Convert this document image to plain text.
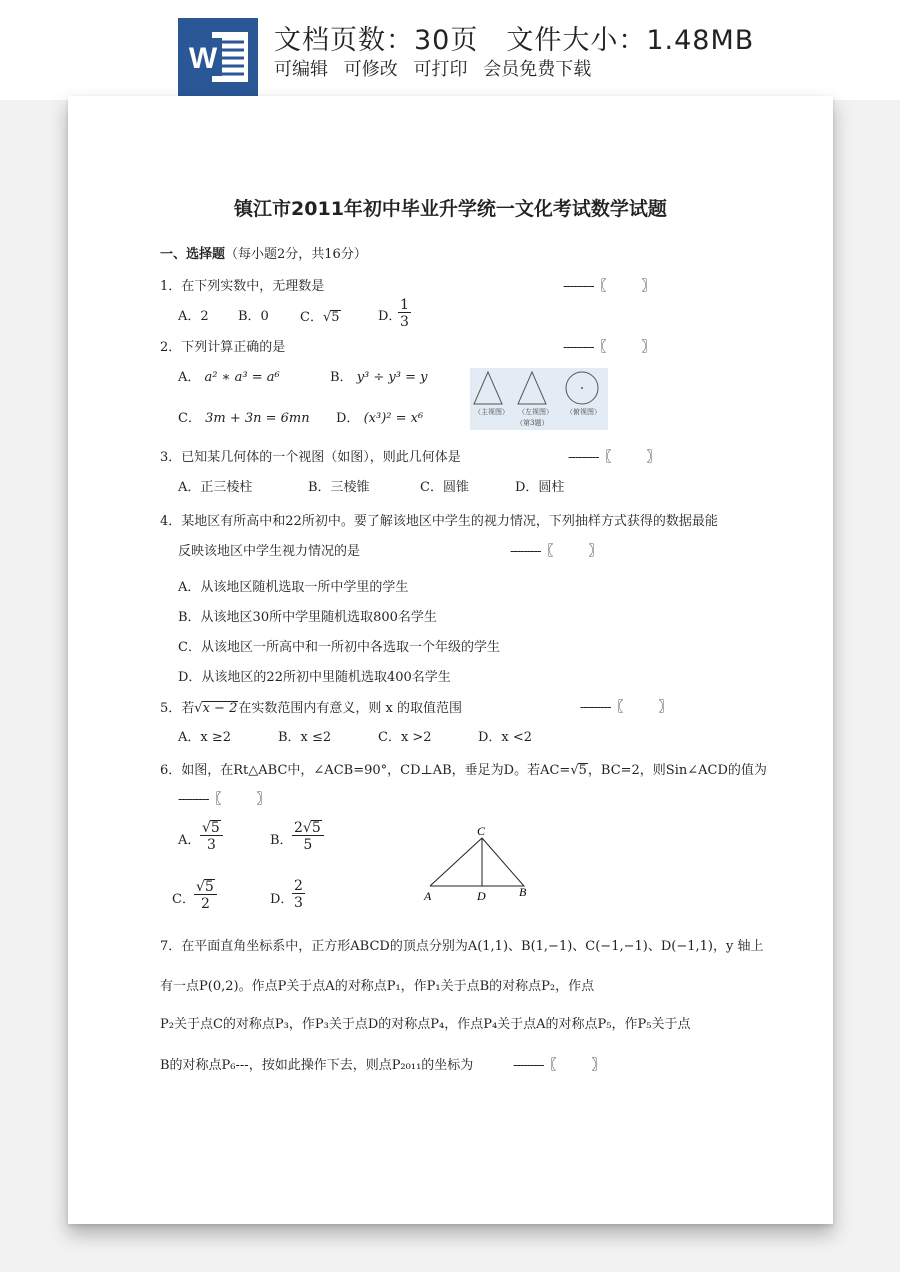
W
文档页数：30页 文件大小：1.48MB
可编辑 可修改 可打印 会员免费下载
镇江市2011年初中毕业升学统一文化考试数学试题
一、选择题（每小题2分，共16分）
1．在下列实数中，无理数是	---------〖　　　〗
A．2 B．0 C．√5	D．
$\frac{1}{3}$
2．下列计算正确的是	---------〖　　　〗
A． a² ∗ a³ = a⁶	B． y³ ÷ y³ = y
C． 3m + 3n = 6mn D． (x³)² = x⁶	（主视图） （左视图） （俯视图）
（第3题）
3．已知某几何体的一个视图（如图），则此几何体是	---------〖　　　〗
A．正三棱柱	B．三棱锥	C．圆锥	D．圆柱
4．某地区有所高中和22所初中。要了解该地区中学生的视力情况，下列抽样方式获得的数据最能
反映该地区中学生视力情况的是	---------〖　　　〗
A．从该地区随机选取一所中学里的学生
B．从该地区30所中学里随机选取800名学生
C．从该地区一所高中和一所初中各选取一个年级的学生
D．从该地区的22所初中里随机选取400名学生
5．若√x − 2在实数范围内有意义，则 x 的取值范围	---------〖　　　〗
A．x ≥2	B．x ≤2	C．x >2	D．x <2
6．如图，在Rt△ABC中，∠ACB=90°，CD⊥AB，垂足为D。若AC=√5，BC=2，则Sin∠ACD的值为
---------〖　　　〗
A． $\frac{√5}{3}$	B． $\frac{2√5}{5}$
C． $\frac{√5}{2}$	D．
$\frac{2}{3}$
C
A	D	B
7．在平面直角坐标系中，正方形ABCD的顶点分别为A(1,1)、B(1,−1)、C(−1,−1)、D(−1,1)，y 轴上
有一点P(0,2)。作点P关于点A的对称点P₁，作P₁关于点B的对称点P₂，作点
P₂关于点C的对称点P₃，作P₃关于点D的对称点P₄，作点P₄关于点A的对称点P₅，作P₅关于点
B的对称点P₆---，按如此操作下去，则点P₂₀₁₁的坐标为	---------〖　　　〗
